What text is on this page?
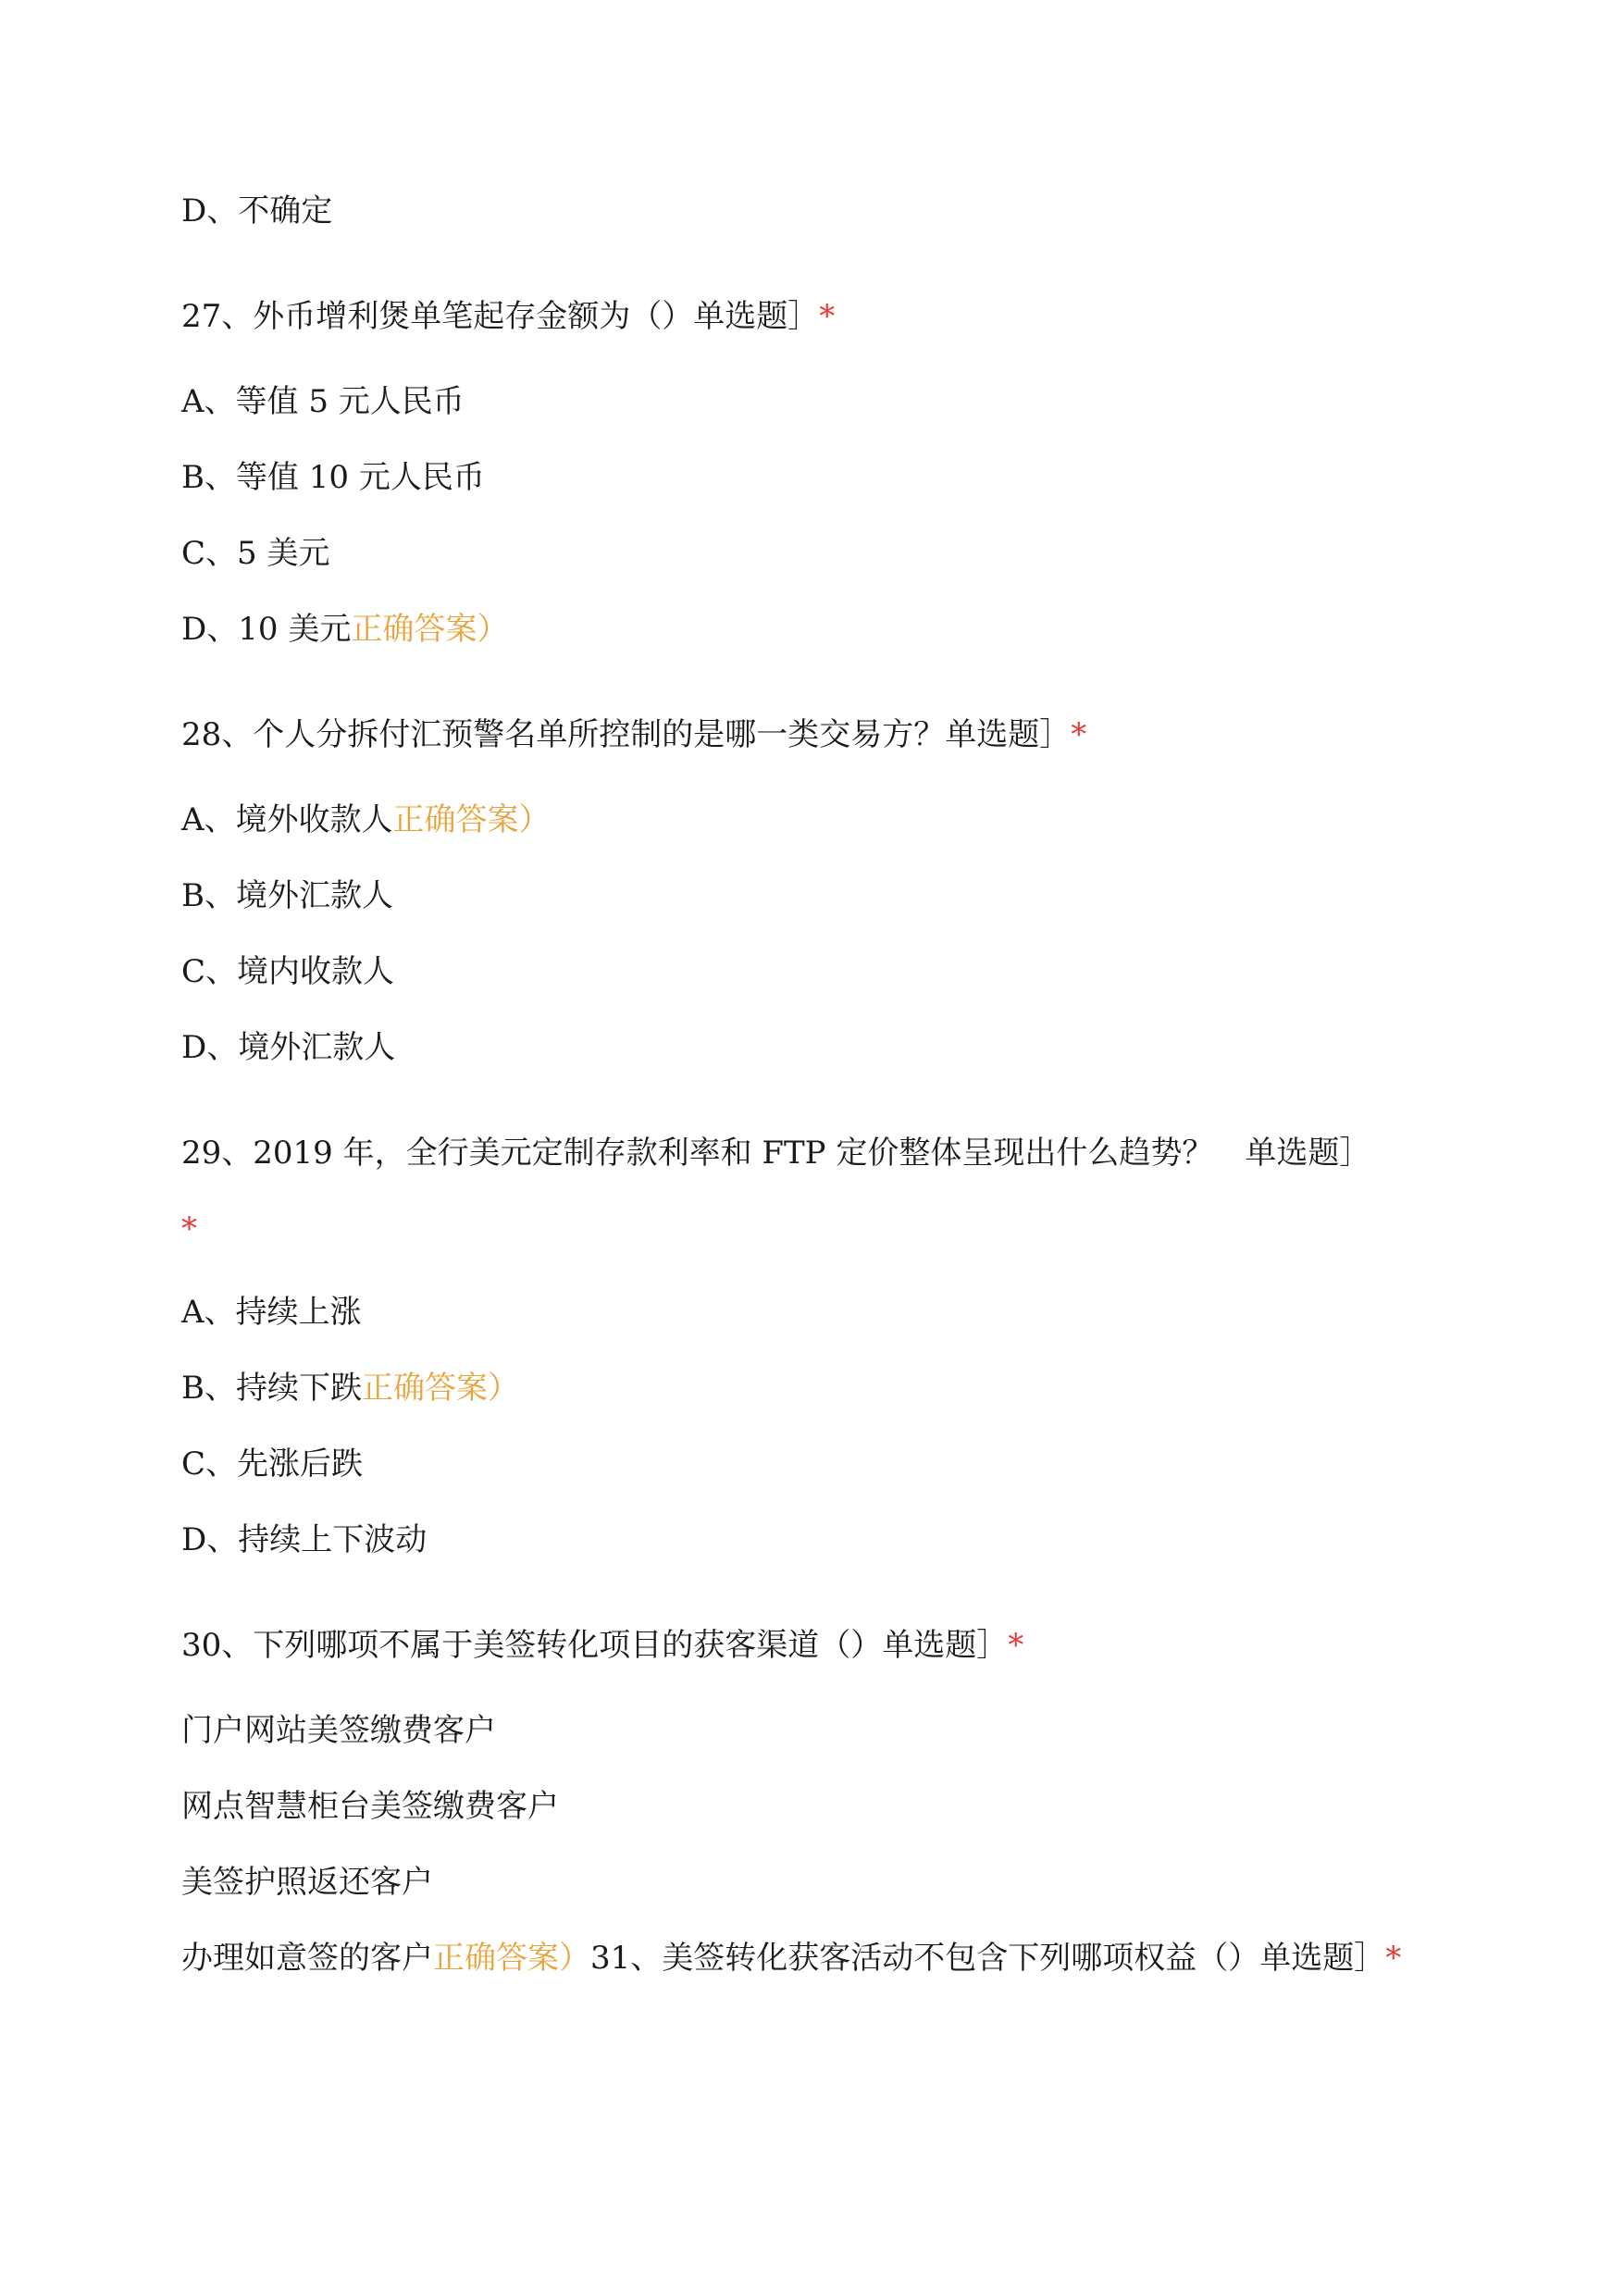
D、不确定
27、外币增利煲单笔起存金额为（）单选题］*
A、等值 5 元人民币
B、等值 10 元人民币
C、5 美元
D、10 美元正确答案）
28、个人分拆付汇预警名单所控制的是哪一类交易方？单选题］*
A、境外收款人正确答案）
B、境外汇款人
C、境内收款人
D、境外汇款人
29、2019 年，全行美元定制存款利率和 FTP 定价整体呈现出什么趋势？　单选题］
*
A、持续上涨
B、持续下跌正确答案）
C、先涨后跌
D、持续上下波动
30、下列哪项不属于美签转化项目的获客渠道（）单选题］*
门户网站美签缴费客户
网点智慧柜台美签缴费客户
美签护照返还客户
办理如意签的客户正确答案）31、美签转化获客活动不包含下列哪项权益（）单选题］*
